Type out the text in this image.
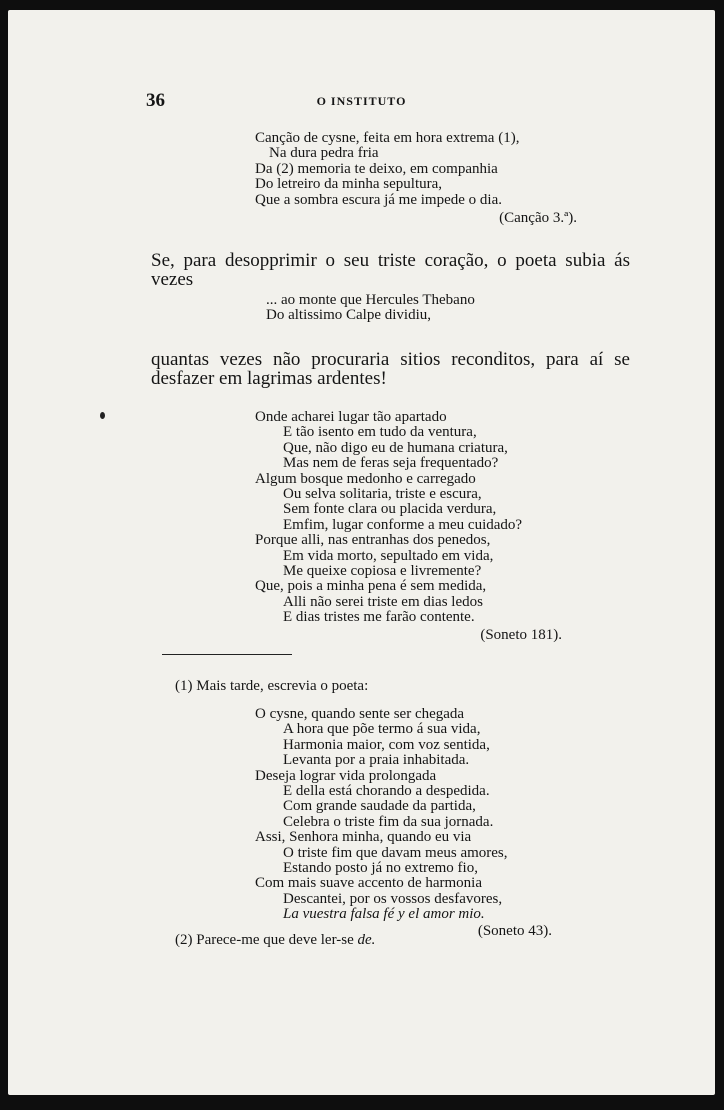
36	O INSTITUTO
Canção de cysne, feita em hora extrema (1),
Na dura pedra fria
Da (2) memoria te deixo, em companhia
Do letreiro da minha sepultura,
Que a sombra escura já me impede o dia.
(Canção 3.ª).
Se, para desopprimir o seu triste coração, o poeta subia ás vezes
... ao monte que Hercules Thebano
Do altissimo Calpe dividiu,
quantas vezes não procuraria sitios reconditos, para aí se desfazer em lagrimas ardentes!
Onde acharei lugar tão apartado
E tão isento em tudo da ventura,
Que, não digo eu de humana criatura,
Mas nem de feras seja frequentado?
Algum bosque medonho e carregado
Ou selva solitaria, triste e escura,
Sem fonte clara ou placida verdura,
Emfim, lugar conforme a meu cuidado?
Porque alli, nas entranhas dos penedos,
Em vida morto, sepultado em vida,
Me queixe copiosa e livremente?
Que, pois a minha pena é sem medida,
Alli não serei triste em dias ledos
E dias tristes me farão contente.
(Soneto 181).
(1) Mais tarde, escrevia o poeta:
O cysne, quando sente ser chegada
A hora que põe termo á sua vida,
Harmonia maior, com voz sentida,
Levanta por a praia inhabitada.
Deseja lograr vida prolongada
E della está chorando a despedida.
Com grande saudade da partida,
Celebra o triste fim da sua jornada.
Assi, Senhora minha, quando eu via
O triste fim que davam meus amores,
Estando posto já no extremo fio,
Com mais suave accento de harmonia
Descantei, por os vossos desfavores,
La vuestra falsa fé y el amor mio.
(Soneto 43).
(2) Parece-me que deve ler-se de.
